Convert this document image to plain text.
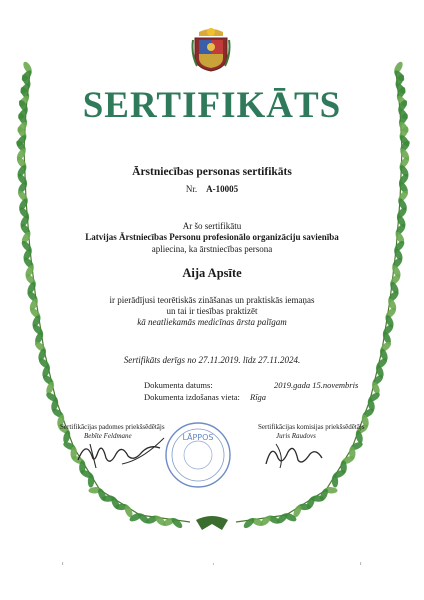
SERTIFIKĀTS
Ārstniecības personas sertifikāts
Nr. A-10005
Ar šo sertifikātu
Latvijas Ārstniecības Personu profesionālo organizāciju savienība
apliecina, ka ārstniecības persona
Aija Apsīte
ir pierādījusi teorētiskās zināšanas un praktiskās iemaņas
un tai ir tiesības praktizēt
kā neatliekamās medicīnas ārsta palīgam
Sertifikāts derīgs no 27.11.2019. līdz 27.11.2024.
Dokumenta datums:	2019.gada 15.novembris
Dokumenta izdošanas vieta: Rīga
Sertifikācijas padomes priekšsēdētājs
Bebīte Feldmane	LĀPPOS
Sertifikācijas komisijas priekšsēdētājs
Juris Raudovs
ᵗ	·	ᵗ
